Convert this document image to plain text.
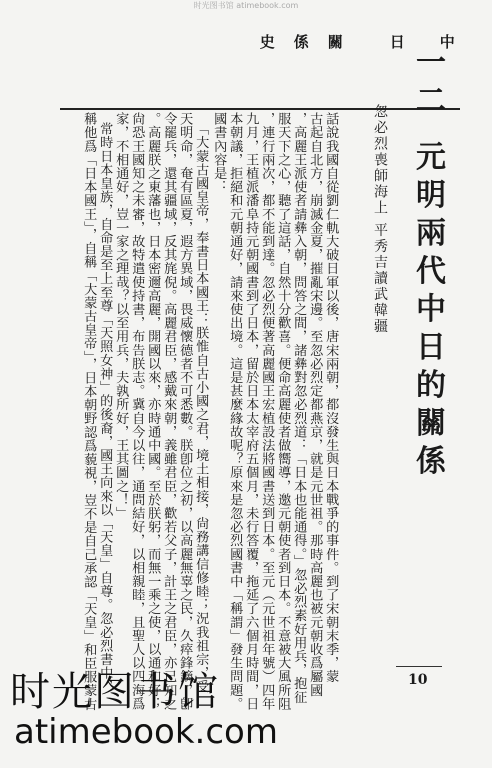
时光图书馆 atimebook.com
中
日
關
係
史
一二 元明兩代中日的關係
忽必烈喪師海上 平秀吉讀武韓疆
話說我國自從劉仁軌大破日軍以後，唐宋兩朝，都沒發生與日本戰爭的事件。到了宋朝末季，蒙
古起自北方，崩滅金夏，摧亂宋邊。至忽必烈定都燕京，就是元世祖。那時高麗也被元朝收爲屬國
，高麗王派使者請彝入朝，問答之間，諸彝對忽必烈道：「日本也能通得。」忽必烈素好用兵，抱征
服天下之心，聽了這話，自然十分歡喜。便命高麗使者做嚮導，邀元朝使者到日本。不意被大風所阻
，連行兩次，都不能到達。忽必烈便著高麗國王宏植設法將國書送到日本。至元（元世祖年號）四年
九月，王植派潘阜持元朝國書到了日本，留於日本太宰府五個月，未行答覆，拖延了六個月時間，日
本朝議，拒絕和元朝通好，請來使出境。這是甚麼緣故呢？原來是忽必烈國書中「稱謂」發生問題。
國書內容是：
「大蒙古國皇帝，奉書日本國王：朕惟自古小國之君，境土相接，尙務講信修睦；況我祖宗，受
天明命，奄有區夏，遐方異域，畏威懷德者不可悉數。朕卽位之初，以高麗無辜之民，久瘁鋒鏑，卽
令罷兵，還其疆域，反其旄倪。高麗君臣，感戴來朝，義雖君臣，歡若父子，計王之君臣，亦已知之
。高麗朕之東藩也，日本密邇高麗，開國以來，亦時通中國。至於朕躬，而無一乘之使，以通和好；
尙恐王國知之未審，故特遣使持書，布告朕志。冀自今以往，通問結好，以相親睦，且聖人以四海爲
家，不相通好，豈一家之理哉？以至用兵，夫孰所好，王其圖之！」
常時日本皇族，自命是至上至尊「天照女神」的後裔，國王向來以「天皇」自尊。忽必烈書中，
稱他爲「日本國王」，自稱「大蒙古皇帝」，日本朝野認爲藐視，豈不是自己承認「天皇」和臣服蒙古	10
时光图书馆
atimebook.com
